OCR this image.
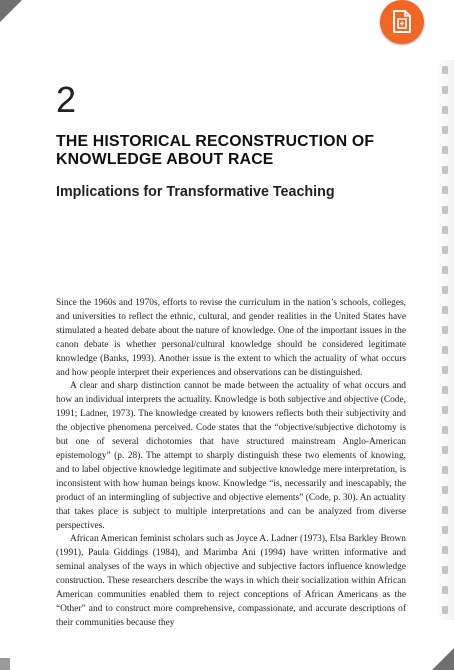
2
THE HISTORICAL RECONSTRUCTION OF KNOWLEDGE ABOUT RACE
Implications for Transformative Teaching

Since the 1960s and 1970s, efforts to revise the curriculum in the nation’s schools, colleges, and universities to reflect the ethnic, cultural, and gender realities in the United States have stimulated a heated debate about the nature of knowledge. One of the important issues in the canon debate is whether personal/cultural knowledge should be considered legitimate knowledge (Banks, 1993). Another issue is the extent to which the actuality of what occurs and how people interpret their experiences and observations can be distinguished.

A clear and sharp distinction cannot be made between the actuality of what occurs and how an individual interprets the actuality. Knowledge is both subjective and objective (Code, 1991; Ladner, 1973). The knowledge created by knowers reflects both their subjectivity and the objective phenomena perceived. Code states that the “objective/subjective dichotomy is but one of several dichotomies that have structured mainstream Anglo-American epistemology” (p. 28). The attempt to sharply distinguish these two elements of knowing, and to label objective knowledge legitimate and subjective knowledge mere interpretation, is inconsistent with how human beings know. Knowledge “is, necessarily and inescapably, the product of an intermingling of subjective and objective elements” (Code, p. 30). An actuality that takes place is subject to multiple interpretations and can be analyzed from diverse perspectives.

African American feminist scholars such as Joyce A. Ladner (1973), Elsa Barkley Brown (1991), Paula Giddings (1984), and Marimba Ani (1994) have written informative and seminal analyses of the ways in which objective and subjective factors influence knowledge construction. These researchers describe the ways in which their socialization within African American communities enabled them to reject conceptions of African Americans as the “Other” and to construct more comprehensive, compassionate, and accurate descriptions of their communities because they
